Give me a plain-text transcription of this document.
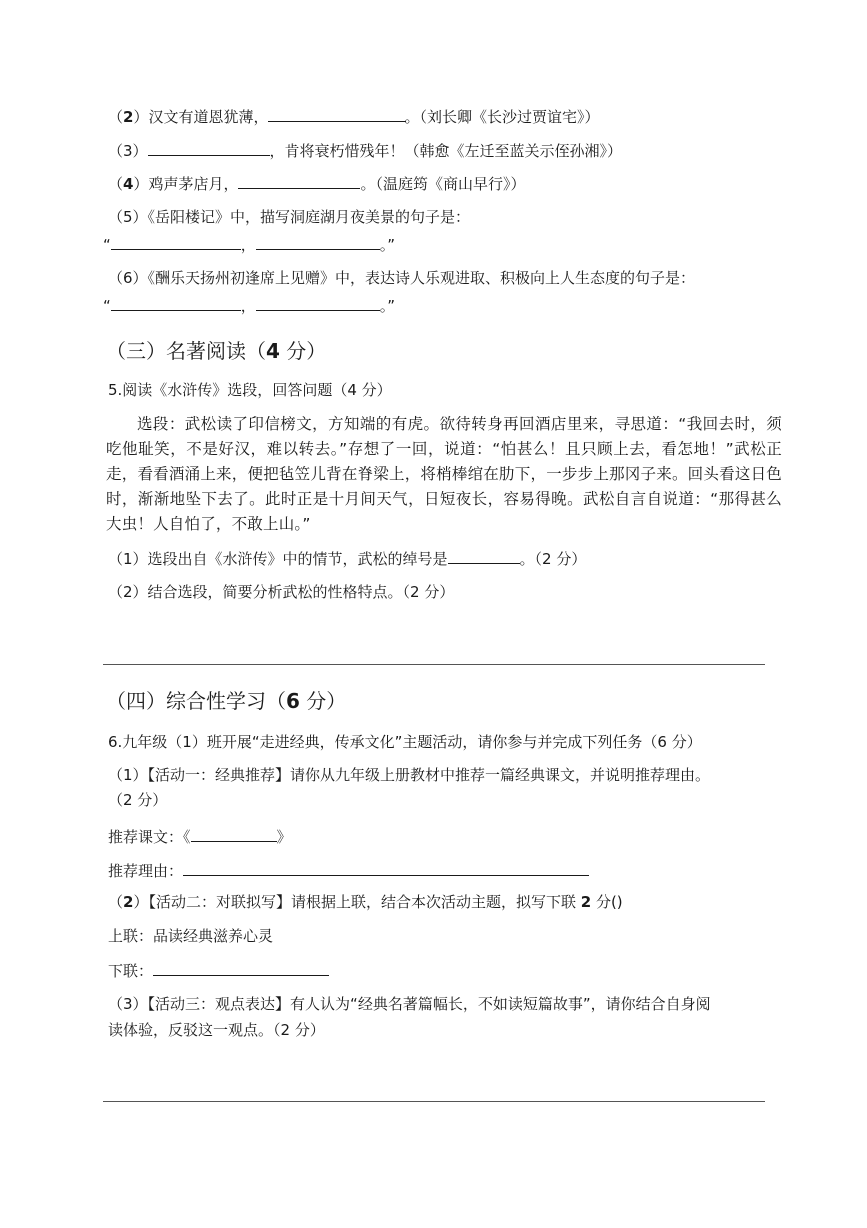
（2）汉文有道恩犹薄，	。（刘长卿《长沙过贾谊宅》）
（3）	，肯将衰朽惜残年！（韩愈《左迁至蓝关示侄孙湘》）
（4）鸡声茅店月，	。（温庭筠《商山早行》）
（5）《岳阳楼记》中，描写洞庭湖月夜美景的句子是：
“	，	。”
（6）《酬乐天扬州初逢席上见赠》中，表达诗人乐观进取、积极向上人生态度的句子是：
“	，	。”
（三）名著阅读（4 分）
5.阅读《水浒传》选段，回答问题（4 分）

选段：武松读了印信榜文，方知端的有虎。欲待转身再回酒店里来，寻思道：“我回去时，须吃他耻笑，不是好汉，难以转去。”存想了一回，说道：“怕甚么！且只顾上去，看怎地！”武松正走，看看酒涌上来，便把毡笠儿背在脊梁上，将梢棒绾在肋下，一步步上那冈子来。回头看这日色时，渐渐地坠下去了。此时正是十月间天气，日短夜长，容易得晚。武松自言自说道：“那得甚么大虫！人自怕了，不敢上山。”

（1）选段出自《水浒传》中的情节，武松的绰号是	。（2 分）
（2）结合选段，简要分析武松的性格特点。（2 分）
（四）综合性学习（6 分）
6.九年级（1）班开展“走进经典，传承文化”主题活动，请你参与并完成下列任务（6 分）
（1）【活动一：经典推荐】请你从九年级上册教材中推荐一篇经典课文，并说明推荐理由。
（2 分）
推荐课文：《	》
推荐理由：
（2）【活动二：对联拟写】请根据上联，结合本次活动主题，拟写下联 2 分()
上联：品读经典滋养心灵
下联：
（3）【活动三：观点表达】有人认为“经典名著篇幅长，不如读短篇故事”，请你结合自身阅
读体验，反驳这一观点。（2 分）
